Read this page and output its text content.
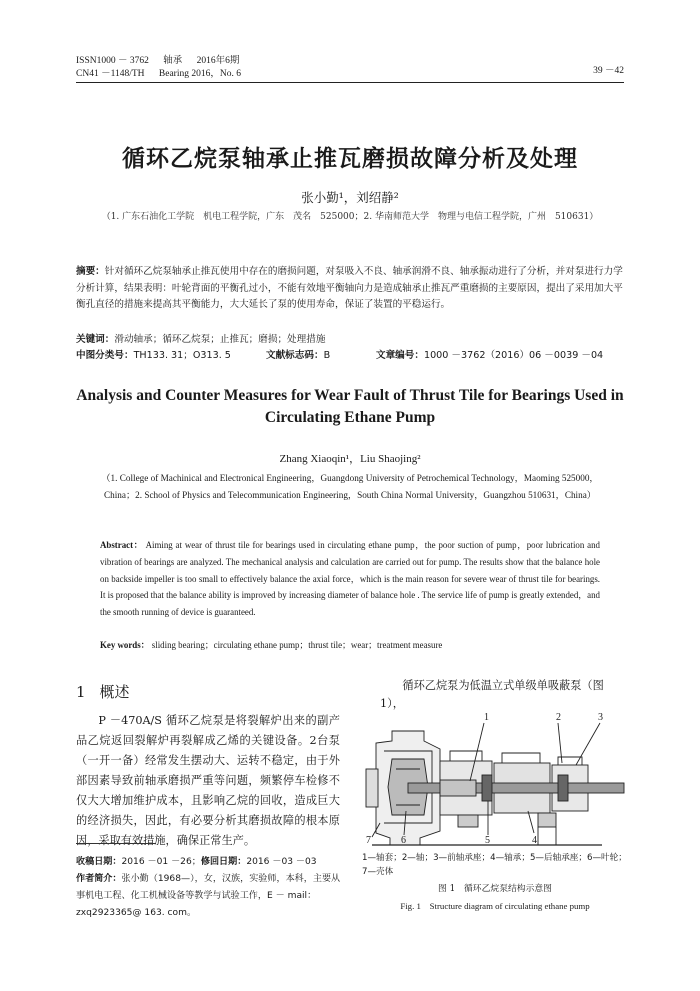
ISSN1000 － 3762 轴承 2016年6期
CN41 －1148/TH Bearing 2016，No. 6	39 －42
循环乙烷泵轴承止推瓦磨损故障分析及处理
张小勤¹，刘绍静²
（1. 广东石油化工学院　机电工程学院，广东　茂名　525000；2. 华南师范大学　物理与电信工程学院，广州　510631）
摘要：针对循环乙烷泵轴承止推瓦使用中存在的磨损问题，对泵吸入不良、轴承润滑不良、轴承振动进行了分析，并对泵进行力学分析计算，结果表明：叶轮背面的平衡孔过小，不能有效地平衡轴向力是造成轴承止推瓦严重磨损的主要原因，提出了采用加大平衡孔直径的措施来提高其平衡能力，大大延长了泵的使用寿命，保证了装置的平稳运行。
关键词：滑动轴承；循环乙烷泵；止推瓦；磨损；处理措施
中图分类号：TH133. 31；O313. 5	文献标志码：B	文章编号：1000 －3762（2016）06 －0039 －04
Analysis and Counter Measures for Wear Fault of Thrust Tile for Bearings Used in Circulating Ethane Pump
Zhang Xiaoqin¹，Liu Shaojing²
（1. College of Machinical and Electronical Engineering，Guangdong University of Petrochemical Technology，Maoming 525000，China；2. School of Physics and Telecommunication Engineering，South China Normal University，Guangzhou 510631，China）
Abstract： Aiming at wear of thrust tile for bearings used in circulating ethane pump，the poor suction of pump，poor lubrication and vibration of bearings are analyzed. The mechanical analysis and calculation are carried out for pump. The results show that the balance hole on backside impeller is too small to effectively balance the axial force，which is the main reason for severe wear of thrust tile for bearings. It is proposed that the balance ability is improved by increasing diameter of balance hole . The service life of pump is greatly extended，and the smooth running of device is guaranteed.
Key words： sliding bearing；circulating ethane pump；thrust tile；wear；treatment measure
1 概述

P －470A/S 循环乙烷泵是将裂解炉出来的副产品乙烷返回裂解炉再裂解成乙烯的关键设备。2台泵（一开一备）经常发生摆动大、运转不稳定，由于外部因素导致前轴承磨损严重等问题，频繁停车检修不仅大大增加维护成本，且影响乙烷的回收，造成巨大的经济损失，因此，有必要分析其磨损故障的根本原因，采取有效措施，确保正常生产。

收稿日期：2016 －01 －26；修回日期：2016 －03 －03
作者简介：张小勤（1968—），女，汉族，实验师，本科，主要从事机电工程、化工机械设备等教学与试验工作，E － mail：zxq2923365@ 163. com。
循环乙烷泵为低温立式单级单吸蔽泵（图 1），
1	2	3
4
5
6
7
1—轴套；2—轴；3—前轴承座；4—轴承；5—后轴承座；6—叶轮；7—壳体
图 1　循环乙烷泵结构示意图
Fig. 1　Structure diagram of circulating ethane pump
